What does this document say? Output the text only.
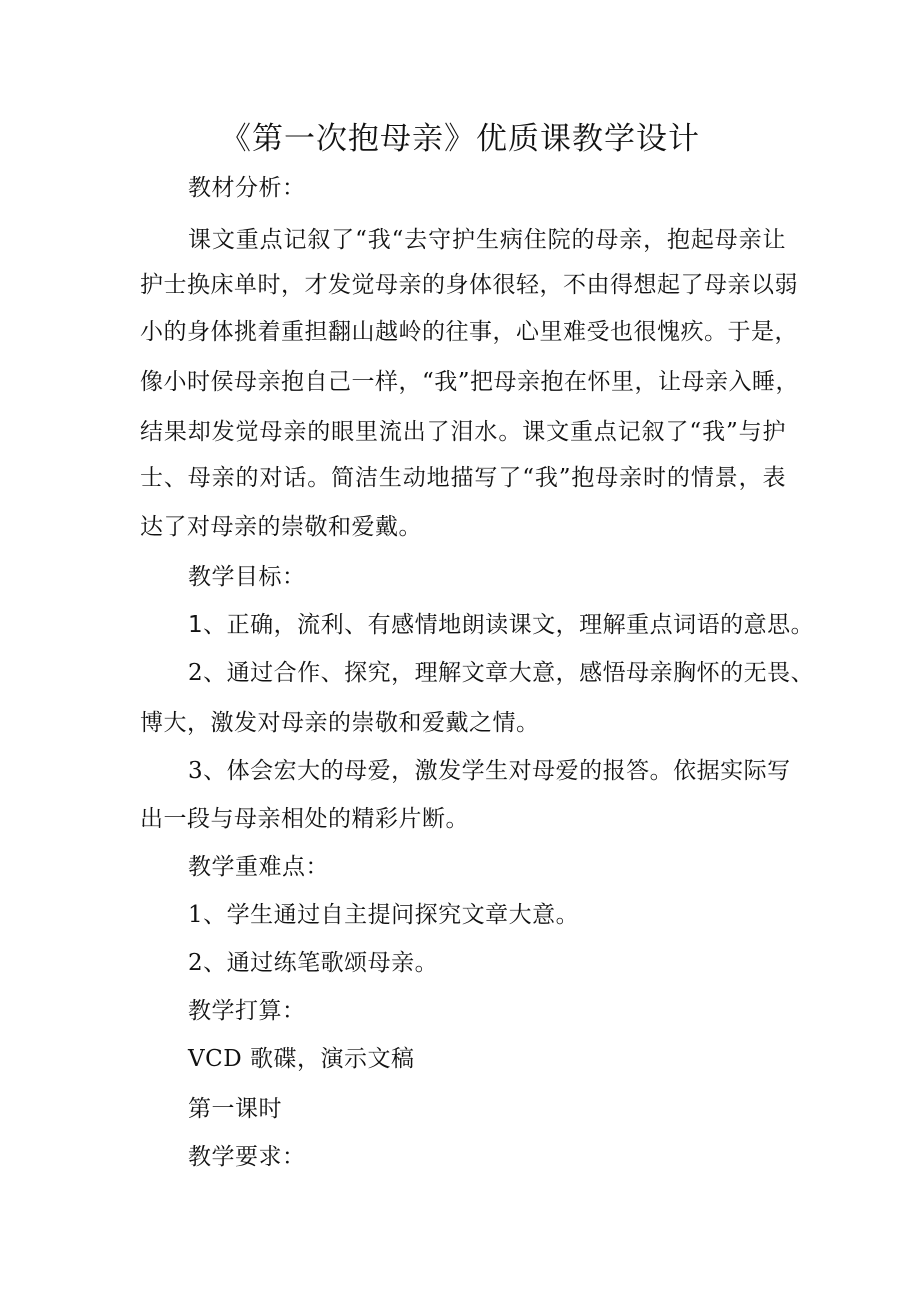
《第一次抱母亲》优质课教学设计
教材分析：
课文重点记叙了“我“去守护生病住院的母亲，抱起母亲让
护士换床单时，才发觉母亲的身体很轻，不由得想起了母亲以弱
小的身体挑着重担翻山越岭的往事，心里难受也很愧疚。于是，
像小时侯母亲抱自己一样，“我”把母亲抱在怀里，让母亲入睡，
结果却发觉母亲的眼里流出了泪水。课文重点记叙了“我”与护
士、母亲的对话。简洁生动地描写了“我”抱母亲时的情景，表
达了对母亲的崇敬和爱戴。
教学目标：
1、正确，流利、有感情地朗读课文，理解重点词语的意思。
2、通过合作、探究，理解文章大意，感悟母亲胸怀的无畏、
博大，激发对母亲的崇敬和爱戴之情。
3、体会宏大的母爱，激发学生对母爱的报答。依据实际写
出一段与母亲相处的精彩片断。
教学重难点：
1、学生通过自主提问探究文章大意。
2、通过练笔歌颂母亲。
教学打算：
VCD 歌碟，演示文稿
第一课时
教学要求：
